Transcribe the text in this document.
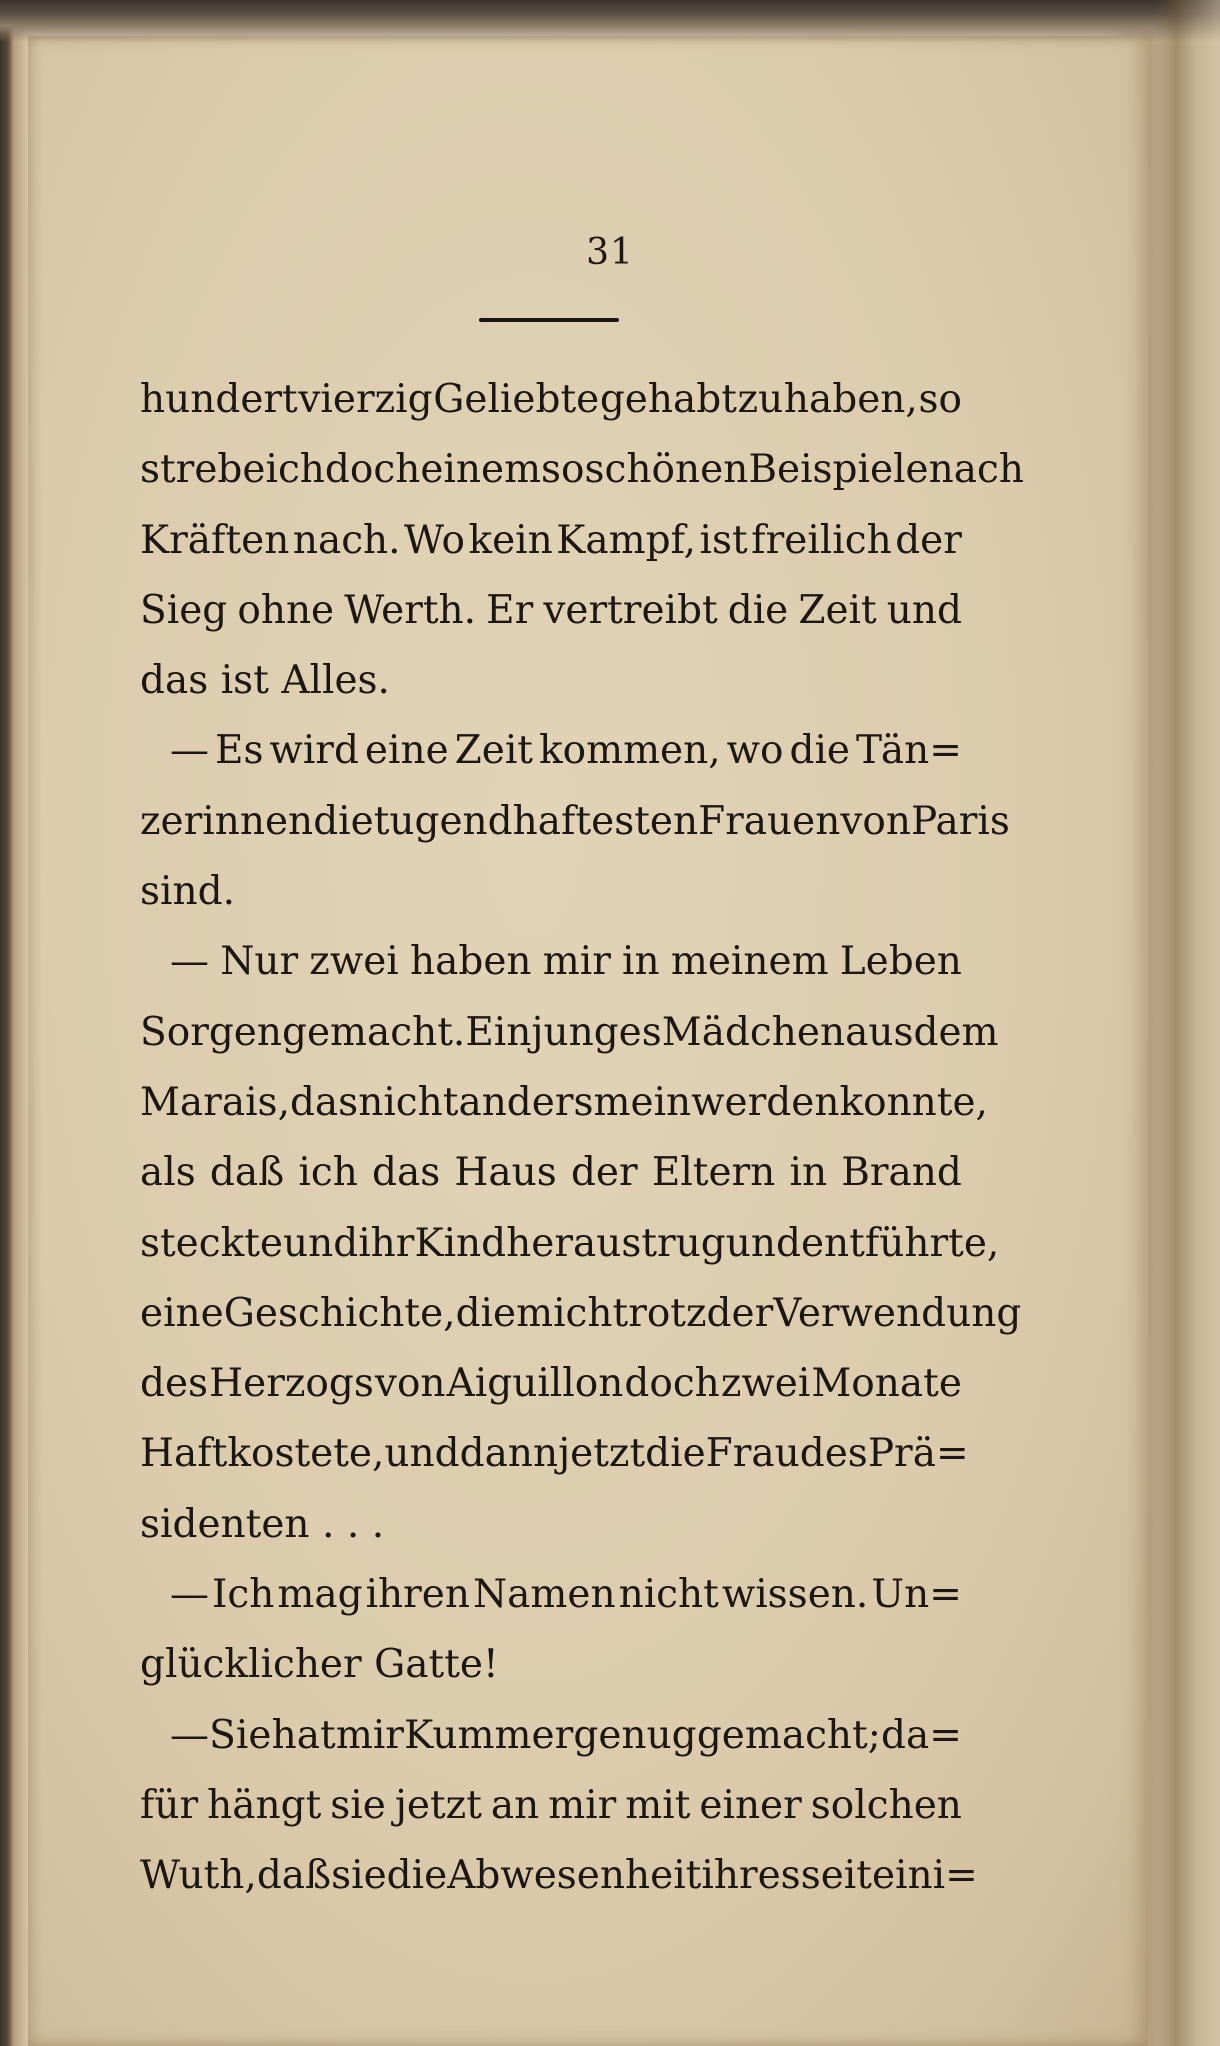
31
hundert vierzig Geliebte gehabt zu haben, so
strebe ich doch einem so schönen Beispiele nach
Kräften nach. Wo kein Kampf, ist freilich der
Sieg ohne Werth. Er vertreibt die Zeit und
das ist Alles.
— Es wird eine Zeit kommen, wo die Tän=
zerinnen die tugendhaftesten Frauen von Paris
sind.
— Nur zwei haben mir in meinem Leben
Sorgen gemacht. Ein junges Mädchen aus dem
Marais, das nicht anders mein werden konnte,
als daß ich das Haus der Eltern in Brand
steckte und ihr Kind heraustrug und entführte,
eine Geschichte, die mich trotz der Verwendung
des Herzogs von Aiguillon doch zwei Monate
Haft kostete, und dann jetzt die Frau des Prä=
sidenten . . .
— Ich mag ihren Namen nicht wissen. Un=
glücklicher Gatte!
— Sie hat mir Kummer genug gemacht; da=
für hängt sie jetzt an mir mit einer solchen
Wuth, daß sie die Abwesenheit ihres seit eini=
